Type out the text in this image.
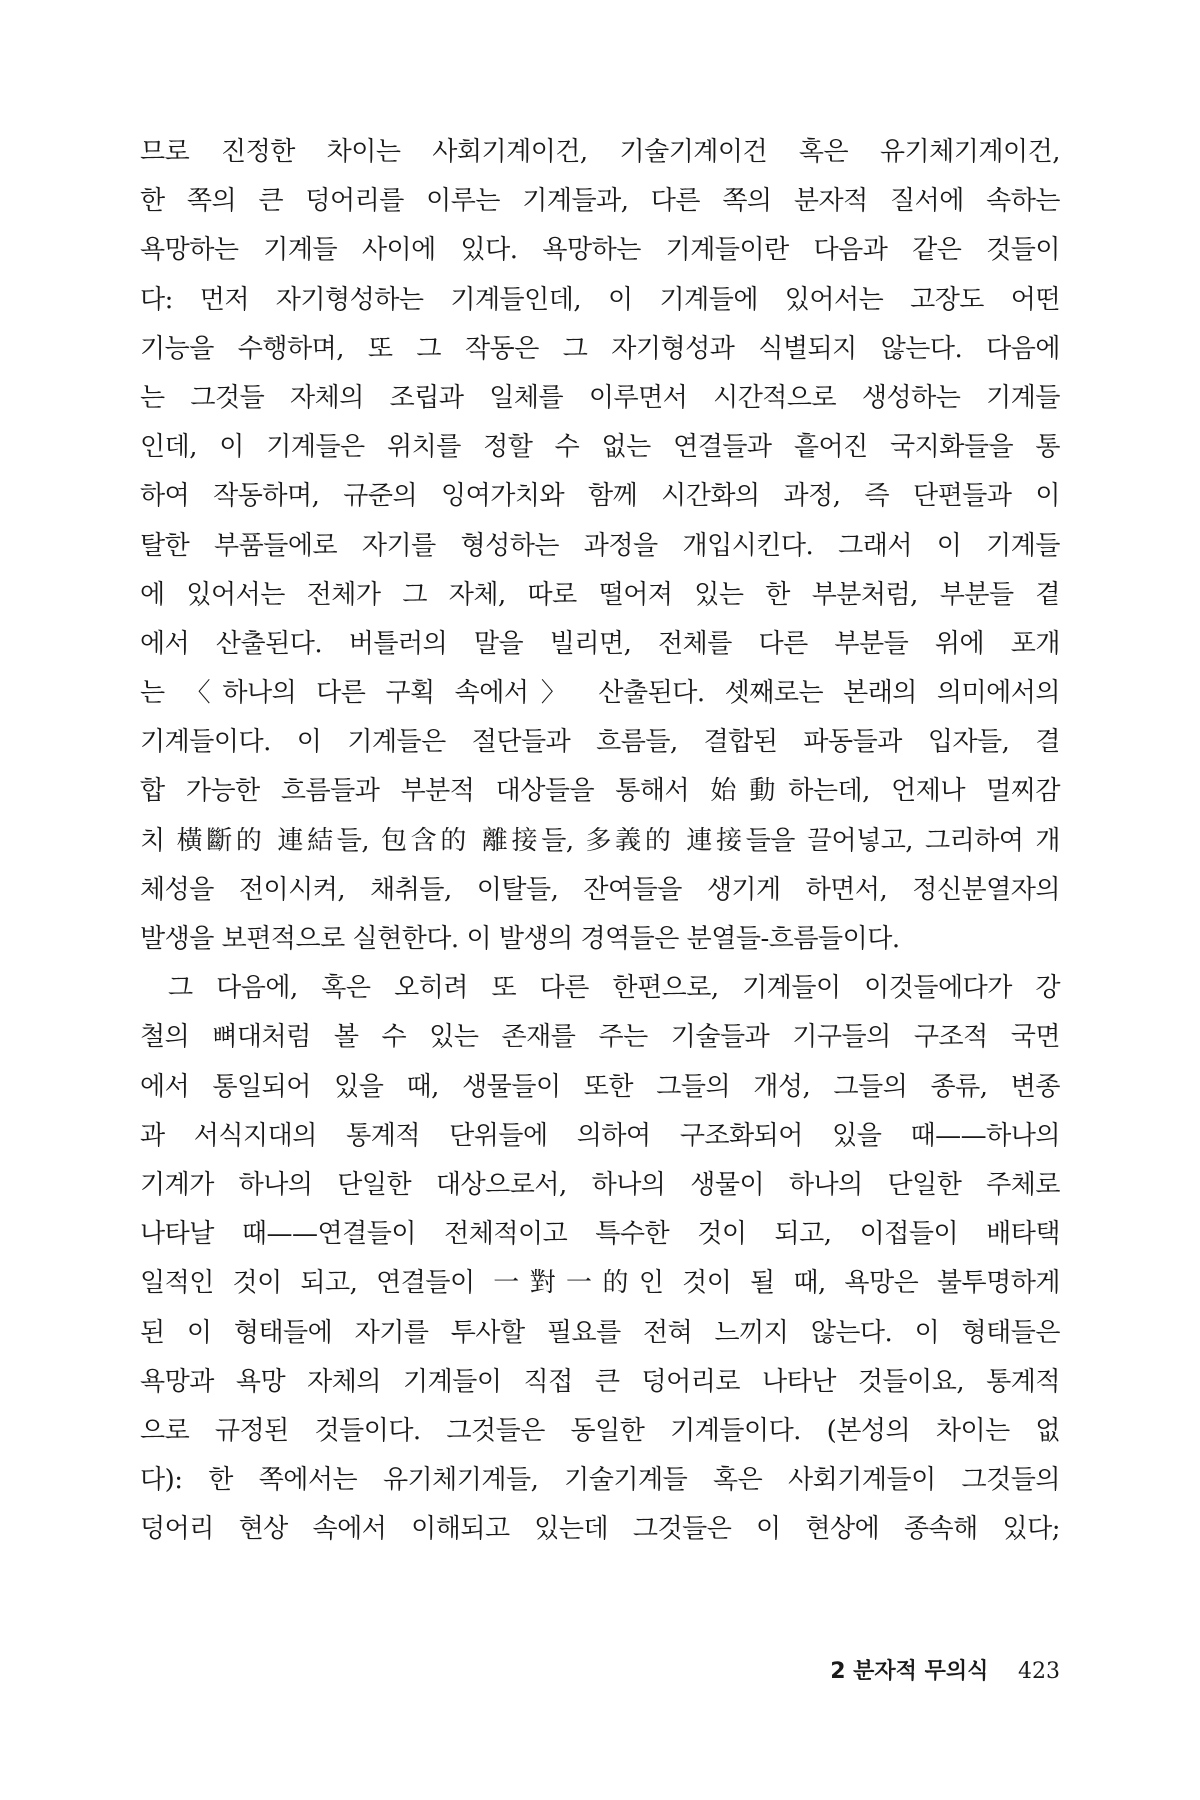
므로 진정한 차이는 사회기계이건, 기술기계이건 혹은 유기체기계이건,
한 쪽의 큰 덩어리를 이루는 기계들과, 다른 쪽의 분자적 질서에 속하는
욕망하는 기계들 사이에 있다. 욕망하는 기계들이란 다음과 같은 것들이
다: 먼저 자기형성하는 기계들인데, 이 기계들에 있어서는 고장도 어떤
기능을 수행하며, 또 그 작동은 그 자기형성과 식별되지 않는다. 다음에
는 그것들 자체의 조립과 일체를 이루면서 시간적으로 생성하는 기계들
인데, 이 기계들은 위치를 정할 수 없는 연결들과 흩어진 국지화들을 통
하여 작동하며, 규준의 잉여가치와 함께 시간화의 과정, 즉 단편들과 이
탈한 부품들에로 자기를 형성하는 과정을 개입시킨다. 그래서 이 기계들
에 있어서는 전체가 그 자체, 따로 떨어져 있는 한 부분처럼, 부분들 곁
에서 산출된다. 버틀러의 말을 빌리면, 전체를 다른 부분들 위에 포개
는 〈하나의 다른 구획 속에서〉 산출된다. 셋째로는 본래의 의미에서의
기계들이다. 이 기계들은 절단들과 흐름들, 결합된 파동들과 입자들, 결
합 가능한 흐름들과 부분적 대상들을 통해서 始動하는데, 언제나 멀찌감
치 橫斷的 連結들, 包含的 離接들, 多義的 連接들을 끌어넣고, 그리하여 개
체성을 전이시켜, 채취들, 이탈들, 잔여들을 생기게 하면서, 정신분열자의
발생을 보편적으로 실현한다. 이 발생의 경역들은 분열들-흐름들이다.
그 다음에, 혹은 오히려 또 다른 한편으로, 기계들이 이것들에다가 강
철의 뼈대처럼 볼 수 있는 존재를 주는 기술들과 기구들의 구조적 국면
에서 통일되어 있을 때, 생물들이 또한 그들의 개성, 그들의 종류, 변종
과 서식지대의 통계적 단위들에 의하여 구조화되어 있을 때——하나의
기계가 하나의 단일한 대상으로서, 하나의 생물이 하나의 단일한 주체로
나타날 때——연결들이 전체적이고 특수한 것이 되고, 이접들이 배타택
일적인 것이 되고, 연결들이 一對一的인 것이 될 때, 욕망은 불투명하게
된 이 형태들에 자기를 투사할 필요를 전혀 느끼지 않는다. 이 형태들은
욕망과 욕망 자체의 기계들이 직접 큰 덩어리로 나타난 것들이요, 통계적
으로 규정된 것들이다. 그것들은 동일한 기계들이다. (본성의 차이는 없
다): 한 쪽에서는 유기체기계들, 기술기계들 혹은 사회기계들이 그것들의
덩어리 현상 속에서 이해되고 있는데 그것들은 이 현상에 종속해 있다;
2 분자적 무의식 423
